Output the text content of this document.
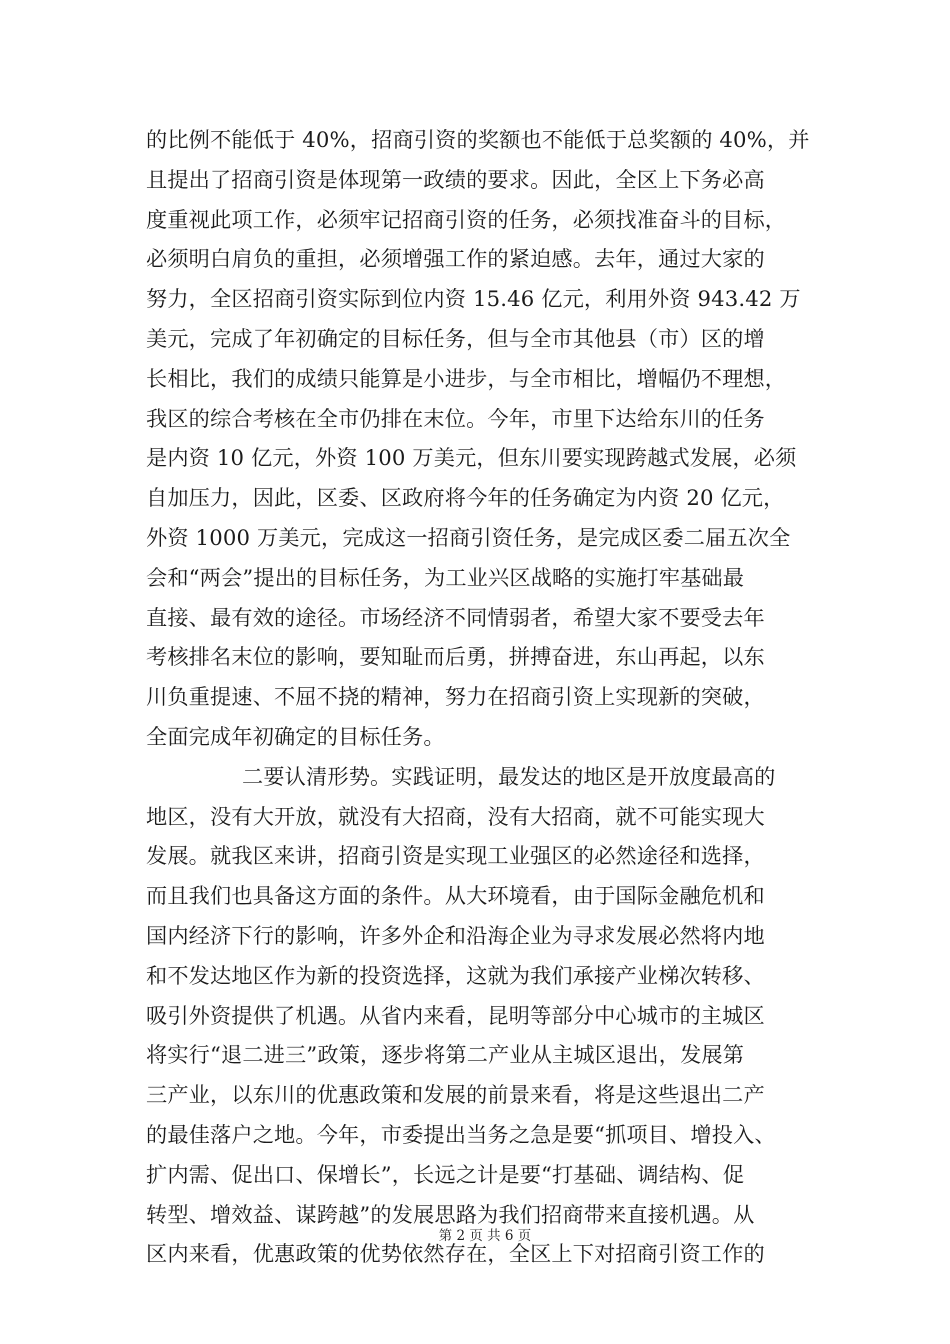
的比例不能低于 40%，招商引资的奖额也不能低于总奖额的 40%，并
且提出了招商引资是体现第一政绩的要求。因此，全区上下务必高
度重视此项工作，必须牢记招商引资的任务，必须找准奋斗的目标，
必须明白肩负的重担，必须增强工作的紧迫感。去年，通过大家的
努力，全区招商引资实际到位内资 15.46 亿元，利用外资 943.42 万
美元，完成了年初确定的目标任务，但与全市其他县（市）区的增
长相比，我们的成绩只能算是小进步，与全市相比，增幅仍不理想，
我区的综合考核在全市仍排在末位。今年，市里下达给东川的任务
是内资 10 亿元，外资 100 万美元，但东川要实现跨越式发展，必须
自加压力，因此，区委、区政府将今年的任务确定为内资 20 亿元，
外资 1000 万美元，完成这一招商引资任务，是完成区委二届五次全
会和“两会”提出的目标任务，为工业兴区战略的实施打牢基础最
直接、最有效的途径。市场经济不同情弱者，希望大家不要受去年
考核排名末位的影响，要知耻而后勇，拼搏奋进，东山再起，以东
川负重提速、不屈不挠的精神，努力在招商引资上实现新的突破，
全面完成年初确定的目标任务。
二要认清形势。实践证明，最发达的地区是开放度最高的
地区，没有大开放，就没有大招商，没有大招商，就不可能实现大
发展。就我区来讲，招商引资是实现工业强区的必然途径和选择，
而且我们也具备这方面的条件。从大环境看，由于国际金融危机和
国内经济下行的影响，许多外企和沿海企业为寻求发展必然将内地
和不发达地区作为新的投资选择，这就为我们承接产业梯次转移、
吸引外资提供了机遇。从省内来看，昆明等部分中心城市的主城区
将实行“退二进三”政策，逐步将第二产业从主城区退出，发展第
三产业，以东川的优惠政策和发展的前景来看，将是这些退出二产
的最佳落户之地。今年，市委提出当务之急是要“抓项目、增投入、
扩内需、促出口、保增长”，长远之计是要“打基础、调结构、促
转型、增效益、谋跨越”的发展思路为我们招商带来直接机遇。从
区内来看，优惠政策的优势依然存在，全区上下对招商引资工作的
第 2 页 共 6 页
